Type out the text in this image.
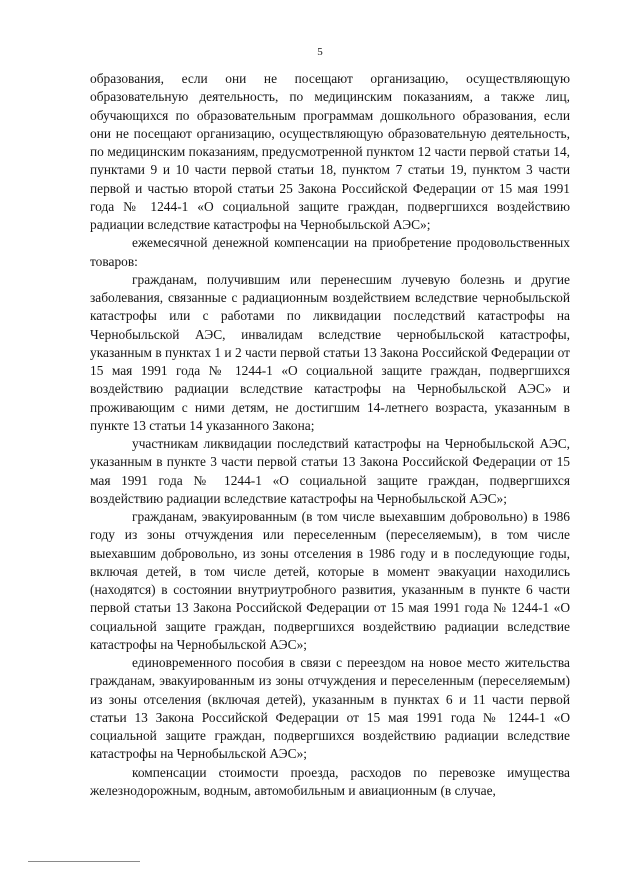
5

образования, если они не посещают организацию, осуществляющую образовательную деятельность, по медицинским показаниям, а также лиц, обучающихся по образовательным программам дошкольного образования, если они не посещают организацию, осуществляющую образовательную деятельность, по медицинским показаниям, предусмотренной пунктом 12 части первой статьи 14, пунктами 9 и 10 части первой статьи 18, пунктом 7 статьи 19, пунктом 3 части первой и частью второй статьи 25 Закона Российской Федерации от 15 мая 1991 года № 1244-1 «О социальной защите граждан, подвергшихся воздействию радиации вследствие катастрофы на Чернобыльской АЭС»;

ежемесячной денежной компенсации на приобретение продовольственных товаров:

гражданам, получившим или перенесшим лучевую болезнь и другие заболевания, связанные с радиационным воздействием вследствие чернобыльской катастрофы или с работами по ликвидации последствий катастрофы на Чернобыльской АЭС, инвалидам вследствие чернобыльской катастрофы, указанным в пунктах 1 и 2 части первой статьи 13 Закона Российской Федерации от 15 мая 1991 года № 1244-1 «О социальной защите граждан, подвергшихся воздействию радиации вследствие катастрофы на Чернобыльской АЭС» и проживающим с ними детям, не достигшим 14-летнего возраста, указанным в пункте 13 статьи 14 указанного Закона;

участникам ликвидации последствий катастрофы на Чернобыльской АЭС, указанным в пункте 3 части первой статьи 13 Закона Российской Федерации от 15 мая 1991 года № 1244-1 «О социальной защите граждан, подвергшихся воздействию радиации вследствие катастрофы на Чернобыльской АЭС»;

гражданам, эвакуированным (в том числе выехавшим добровольно) в 1986 году из зоны отчуждения или переселенным (переселяемым), в том числе выехавшим добровольно, из зоны отселения в 1986 году и в последующие годы, включая детей, в том числе детей, которые в момент эвакуации находились (находятся) в состоянии внутриутробного развития, указанным в пункте 6 части первой статьи 13 Закона Российской Федерации от 15 мая 1991 года № 1244-1 «О социальной защите граждан, подвергшихся воздействию радиации вследствие катастрофы на Чернобыльской АЭС»;

единовременного пособия в связи с переездом на новое место жительства гражданам, эвакуированным из зоны отчуждения и переселенным (переселяемым) из зоны отселения (включая детей), указанным в пунктах 6 и 11 части первой статьи 13 Закона Российской Федерации от 15 мая 1991 года № 1244-1 «О социальной защите граждан, подвергшихся воздействию радиации вследствие катастрофы на Чернобыльской АЭС»;

компенсации стоимости проезда, расходов по перевозке имущества железнодорожным, водным, автомобильным и авиационным (в случае,
